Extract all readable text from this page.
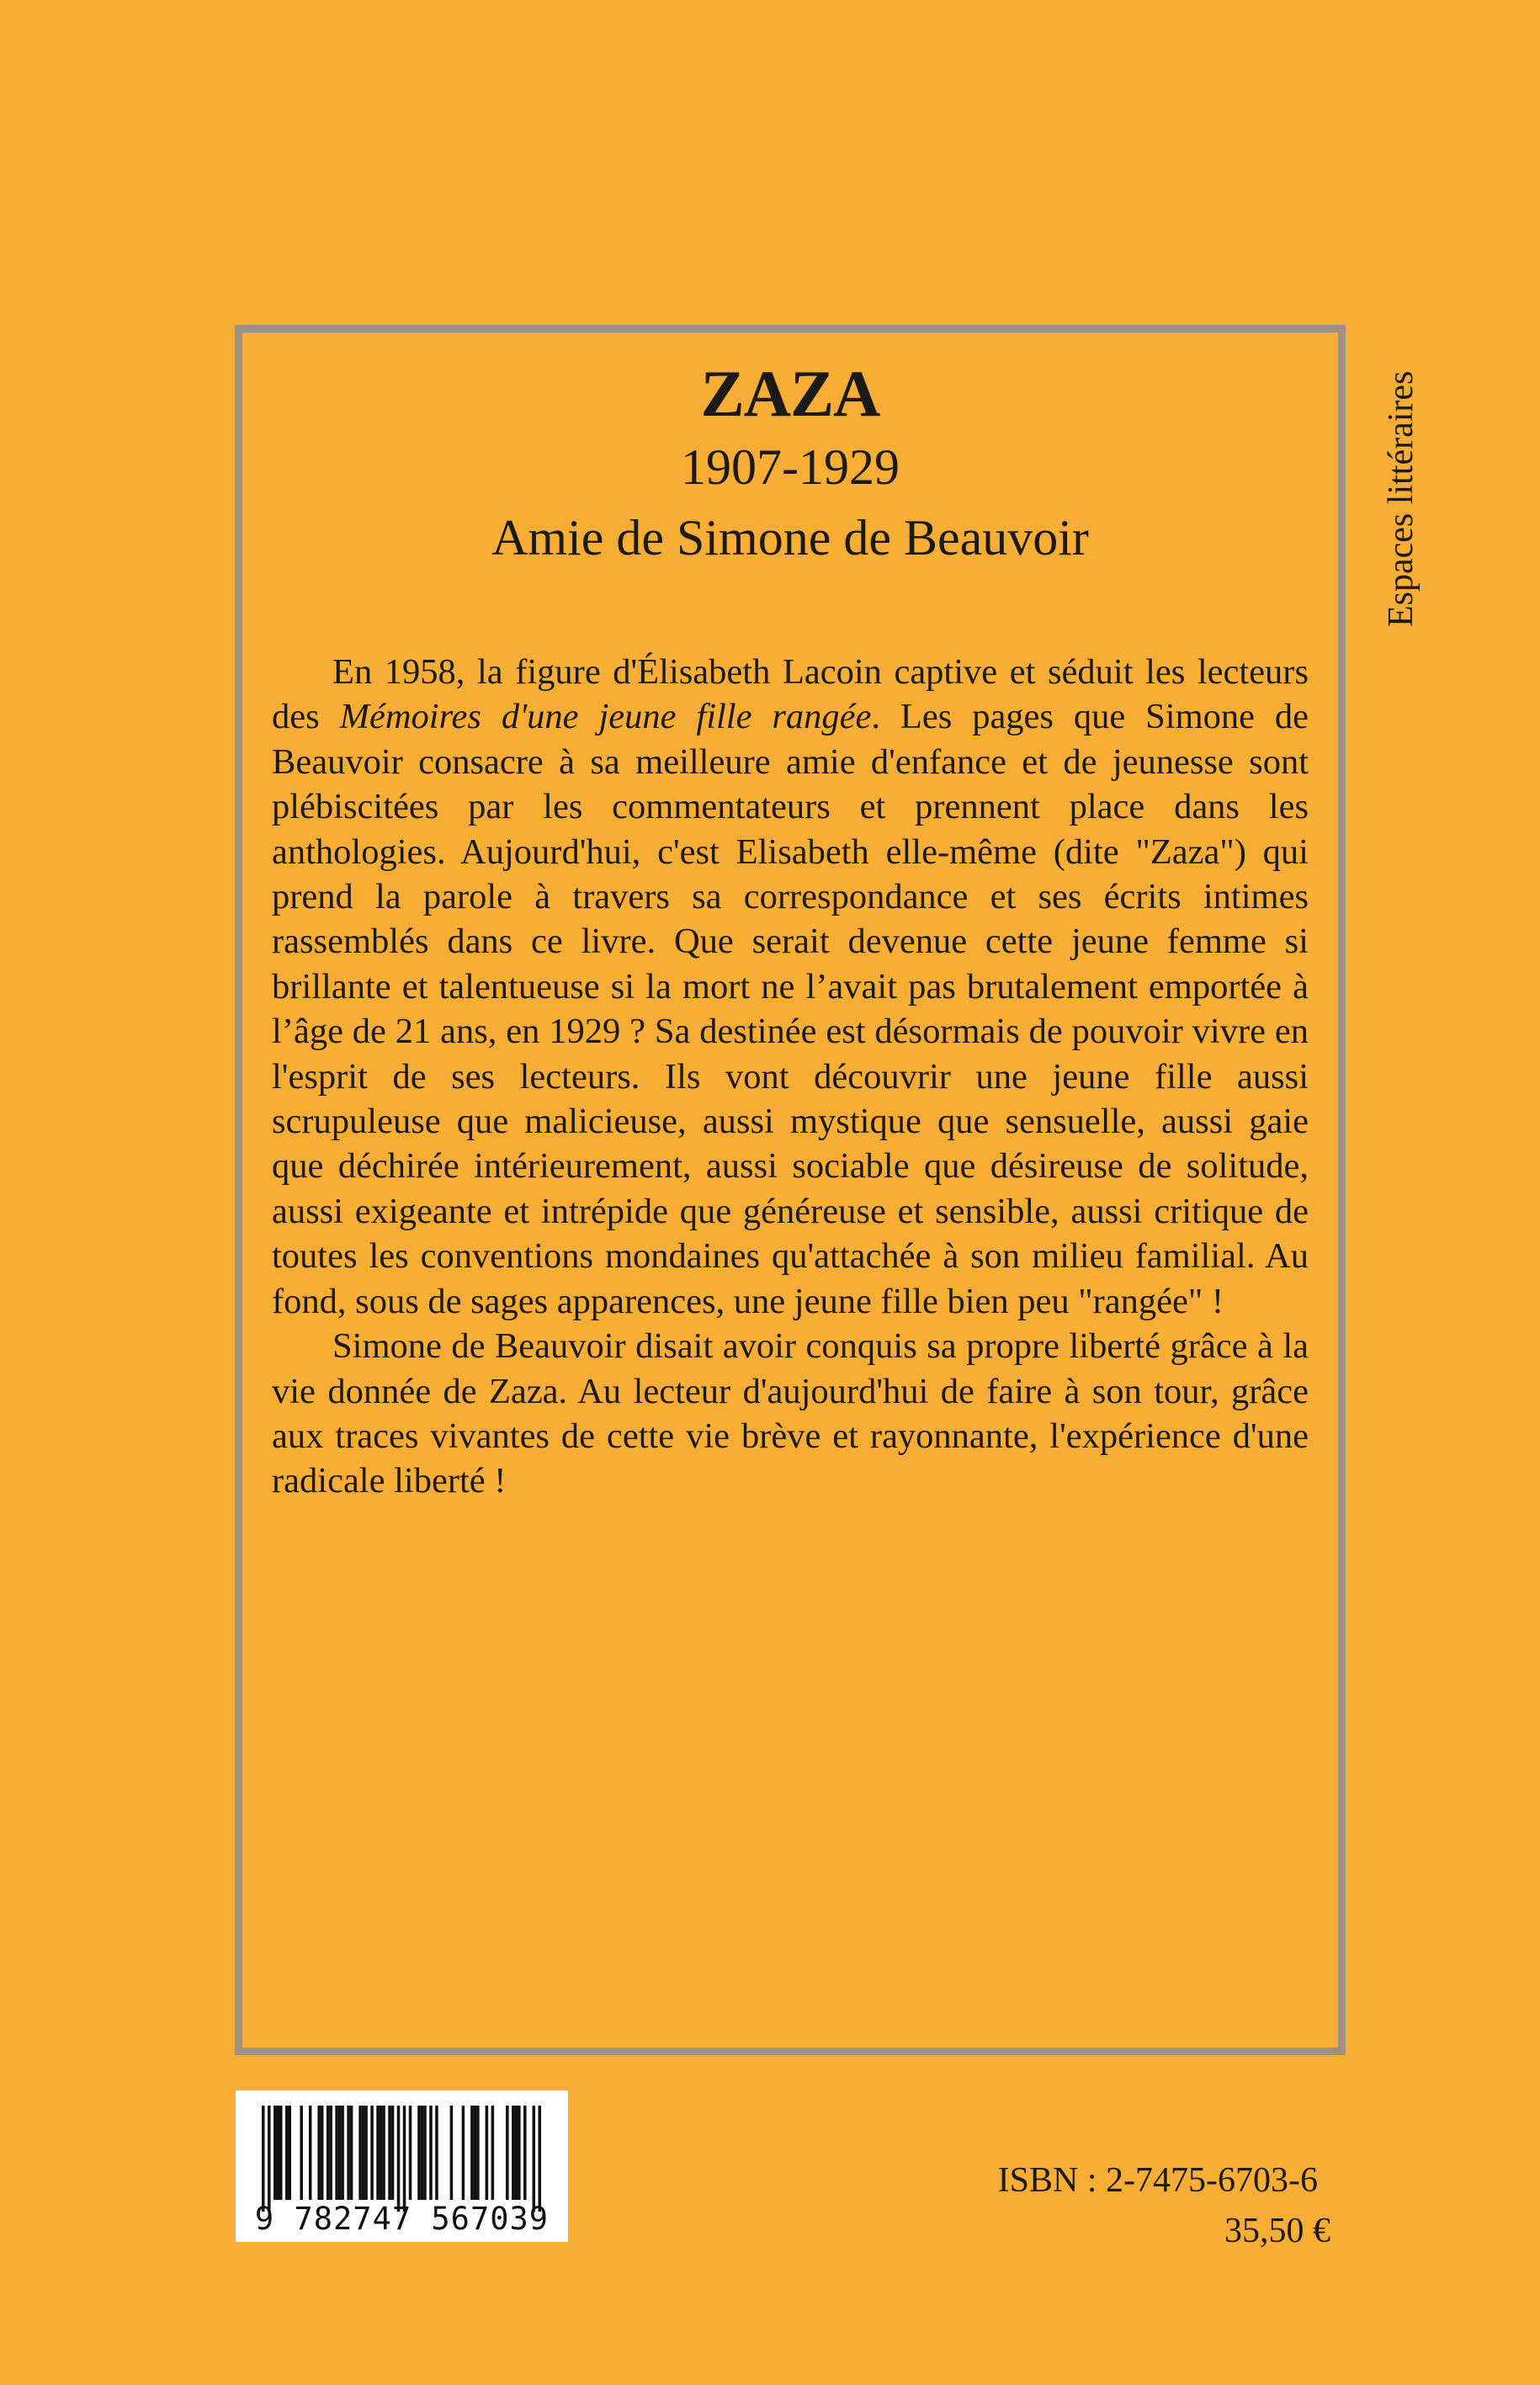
ZAZA
1907-1929
Amie de Simone de Beauvoir

En 1958, la figure d'Élisabeth Lacoin captive et séduit les lecteurs des Mémoires d'une jeune fille rangée. Les pages que Simone de Beauvoir consacre à sa meilleure amie d'enfance et de jeunesse sont plébiscitées par les commentateurs et prennent place dans les anthologies. Aujourd'hui, c'est Elisabeth elle-même (dite "Zaza") qui prend la parole à travers sa correspondance et ses écrits intimes rassemblés dans ce livre. Que serait devenue cette jeune femme si brillante et talentueuse si la mort ne l’avait pas brutalement emportée à l’âge de 21 ans, en 1929 ? Sa destinée est désormais de pouvoir vivre en l'esprit de ses lecteurs. Ils vont découvrir une jeune fille aussi scrupuleuse que malicieuse, aussi mystique que sensuelle, aussi gaie que déchirée intérieurement, aussi sociable que désireuse de solitude, aussi exigeante et intrépide que généreuse et sensible, aussi critique de toutes les conventions mondaines qu'attachée à son milieu familial. Au fond, sous de sages apparences, une jeune fille bien peu "rangée" !

Simone de Beauvoir disait avoir conquis sa propre liberté grâce à la vie donnée de Zaza. Au lecteur d'aujourd'hui de faire à son tour, grâce aux traces vivantes de cette vie brève et rayonnante, l'expérience d'une radicale liberté !

Espaces littéraires
9 782747 567039
ISBN : 2-7475-6703-6
35,50 €
